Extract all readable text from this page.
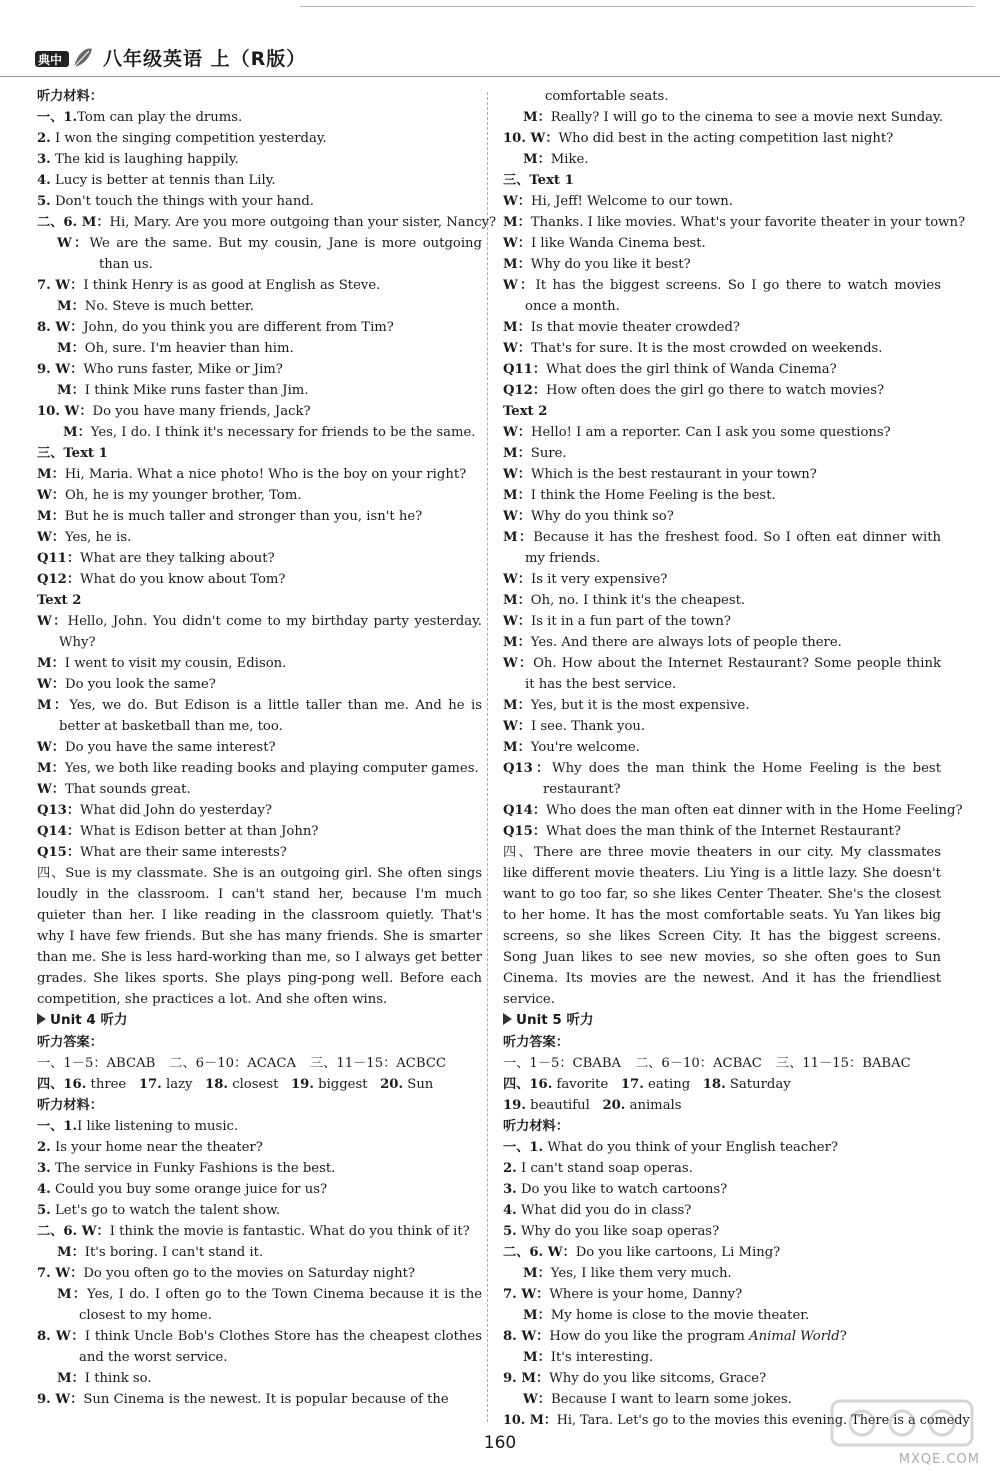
典中 八年级英语 上（R版）
听力材料：
一、1.Tom can play the drums.
2. I won the singing competition yesterday.
3. The kid is laughing happily.
4. Lucy is better at tennis than Lily.
5. Don't touch the things with your hand.
二、6. M：Hi, Mary. Are you more outgoing than your sister, Nancy?
W：We are the same. But my cousin, Jane is more outgoing than us.
7. W：I think Henry is as good at English as Steve.
M：No. Steve is much better.
8. W：John, do you think you are different from Tim?
M：Oh, sure. I'm heavier than him.
9. W：Who runs faster, Mike or Jim?
M：I think Mike runs faster than Jim.
10. W：Do you have many friends, Jack?
M：Yes, I do. I think it's necessary for friends to be the same.
三、Text 1
M：Hi, Maria. What a nice photo! Who is the boy on your right?
W：Oh, he is my younger brother, Tom.
M：But he is much taller and stronger than you, isn't he?
W：Yes, he is.
Q11：What are they talking about?
Q12：What do you know about Tom?
Text 2
W：Hello, John. You didn't come to my birthday party yesterday. Why?
M：I went to visit my cousin, Edison.
W：Do you look the same?
M：Yes, we do. But Edison is a little taller than me. And he is better at basketball than me, too.
W：Do you have the same interest?
M：Yes, we both like reading books and playing computer games.
W：That sounds great.
Q13：What did John do yesterday?
Q14：What is Edison better at than John?
Q15：What are their same interests?
四、Sue is my classmate. She is an outgoing girl. She often sings loudly in the classroom. I can't stand her, because I'm much quieter than her. I like reading in the classroom quietly. That's why I have few friends. But she has many friends. She is smarter than me. She is less hard-working than me, so I always get better grades. She likes sports. She plays ping-pong well. Before each competition, she practices a lot. And she often wins.
Unit 4 听力
听力答案：
一、1－5：ABCAB 二、6－10：ACACA 三、11－15：ACBCC
四、16. three 17. lazy 18. closest 19. biggest 20. Sun
听力材料：
一、1.I like listening to music.
2. Is your home near the theater?
3. The service in Funky Fashions is the best.
4. Could you buy some orange juice for us?
5. Let's go to watch the talent show.
二、6. W：I think the movie is fantastic. What do you think of it?
M：It's boring. I can't stand it.
7. W：Do you often go to the movies on Saturday night?
M：Yes, I do. I often go to the Town Cinema because it is the closest to my home.
8. W：I think Uncle Bob's Clothes Store has the cheapest clothes and the worst service.
M：I think so.
9. W：Sun Cinema is the newest. It is popular because of the
comfortable seats.
M：Really? I will go to the cinema to see a movie next Sunday.
10. W：Who did best in the acting competition last night?
M：Mike.
三、Text 1
W：Hi, Jeff! Welcome to our town.
M：Thanks. I like movies. What's your favorite theater in your town?
W：I like Wanda Cinema best.
M：Why do you like it best?
W：It has the biggest screens. So I go there to watch movies once a month.
M：Is that movie theater crowded?
W：That's for sure. It is the most crowded on weekends.
Q11：What does the girl think of Wanda Cinema?
Q12：How often does the girl go there to watch movies?
Text 2
W：Hello! I am a reporter. Can I ask you some questions?
M：Sure.
W：Which is the best restaurant in your town?
M：I think the Home Feeling is the best.
W：Why do you think so?
M：Because it has the freshest food. So I often eat dinner with my friends.
W：Is it very expensive?
M：Oh, no. I think it's the cheapest.
W：Is it in a fun part of the town?
M：Yes. And there are always lots of people there.
W：Oh. How about the Internet Restaurant? Some people think it has the best service.
M：Yes, but it is the most expensive.
W：I see. Thank you.
M：You're welcome.
Q13：Why does the man think the Home Feeling is the best restaurant?
Q14：Who does the man often eat dinner with in the Home Feeling?
Q15：What does the man think of the Internet Restaurant?
四、There are three movie theaters in our city. My classmates like different movie theaters. Liu Ying is a little lazy. She doesn't want to go too far, so she likes Center Theater. She's the closest to her home. It has the most comfortable seats. Yu Yan likes big screens, so she likes Screen City. It has the biggest screens. Song Juan likes to see new movies, so she often goes to Sun Cinema. Its movies are the newest. And it has the friendliest service.
Unit 5 听力
听力答案：
一、1－5：CBABA 二、6－10：ACBAC 三、11－15：BABAC
四、16. favorite 17. eating 18. Saturday
19. beautiful 20. animals
听力材料：
一、1. What do you think of your English teacher?
2. I can't stand soap operas.
3. Do you like to watch cartoons?
4. What did you do in class?
5. Why do you like soap operas?
二、6. W：Do you like cartoons, Li Ming?
M：Yes, I like them very much.
7. W：Where is your home, Danny?
M：My home is close to the movie theater.
8. W：How do you like the program Animal World?
M：It's interesting.
9. M：Why do you like sitcoms, Grace?
W：Because I want to learn some jokes.
10. M：Hi, Tara. Let's go to the movies this evening. There is a comedy
160
MXQE.COM
